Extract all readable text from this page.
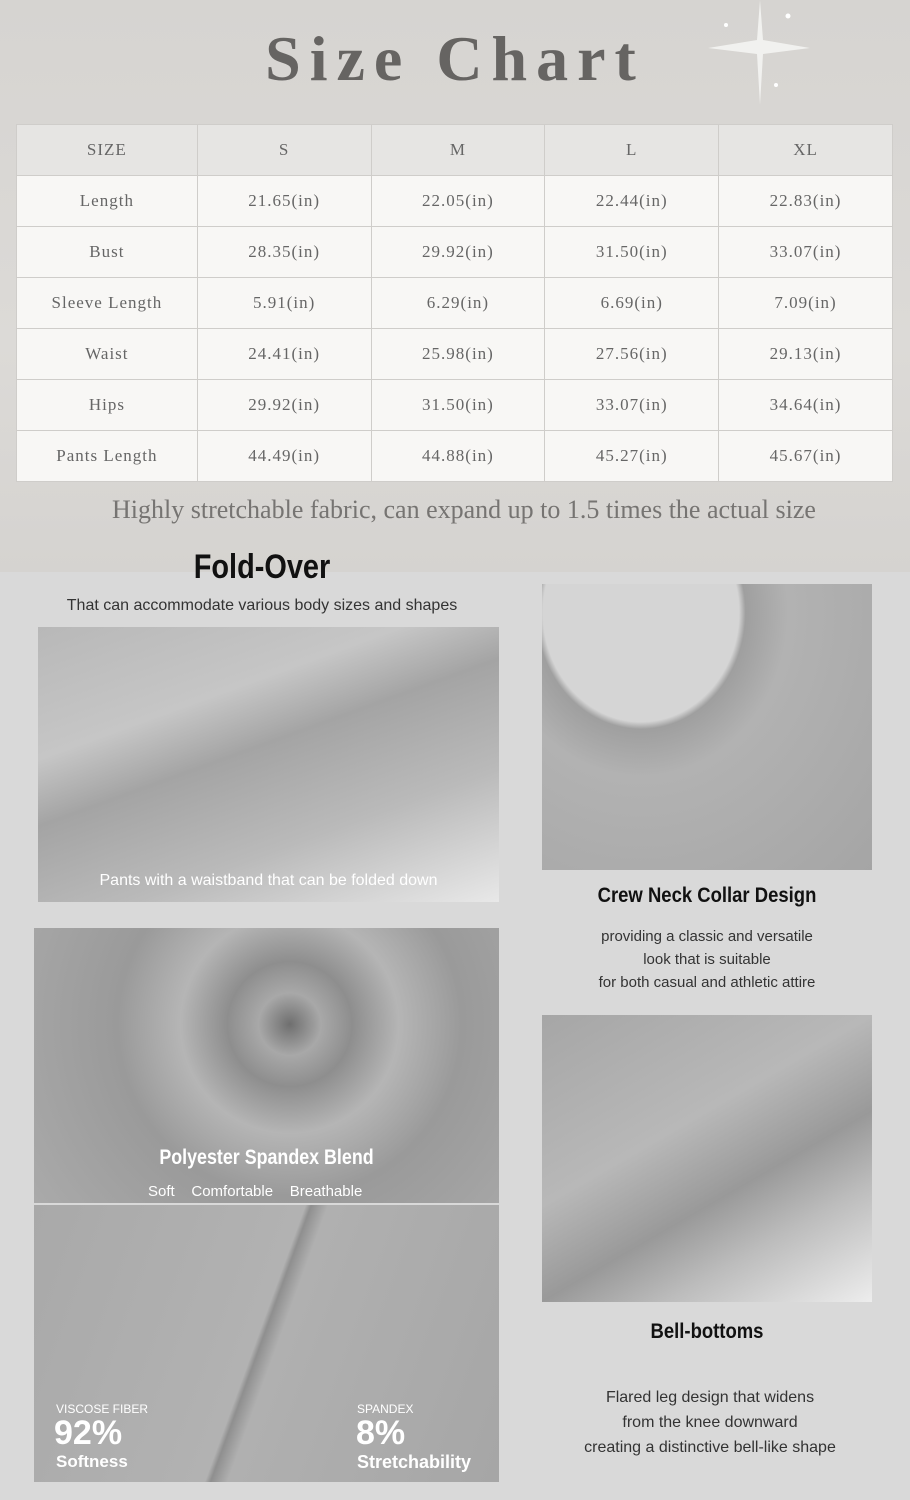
Size Chart
SIZE	S	M	L	XL
Length	21.65(in)	22.05(in)	22.44(in)	22.83(in)
Bust	28.35(in)	29.92(in)	31.50(in)	33.07(in)
Sleeve Length	5.91(in)	6.29(in)	6.69(in)	7.09(in)
Waist	24.41(in)	25.98(in)	27.56(in)	29.13(in)
Hips	29.92(in)	31.50(in)	33.07(in)	34.64(in)
Pants Length	44.49(in)	44.88(in)	45.27(in)	45.67(in)
Highly stretchable fabric, can expand up to 1.5 times the actual size
Fold-Over
That can accommodate various body sizes and shapes
Pants with a waistband that can be folded down
Crew Neck Collar Design
providing a classic and versatile
look that is suitable
for both casual and athletic attire
Polyester Spandex Blend
Soft Comfortable Breathable
VISCOSE FIBER
92%
Softness
SPANDEX
8%
Stretchability
Bell-bottoms
Flared leg design that widens
from the knee downward
creating a distinctive bell-like shape
